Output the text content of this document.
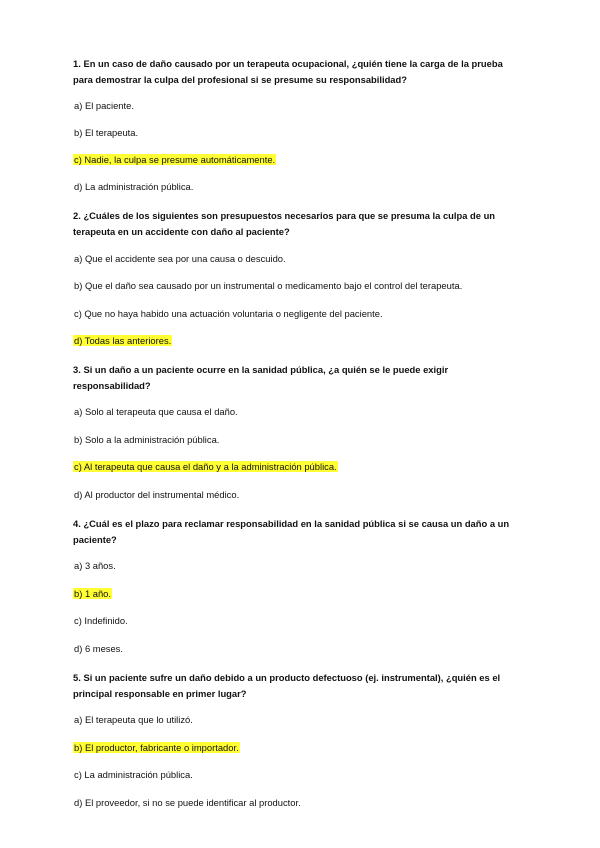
1. En un caso de daño causado por un terapeuta ocupacional, ¿quién tiene la carga de la prueba para demostrar la culpa del profesional si se presume su responsabilidad?

a) El paciente.

b) El terapeuta.

c) Nadie, la culpa se presume automáticamente.

d) La administración pública.

2. ¿Cuáles de los siguientes son presupuestos necesarios para que se presuma la culpa de un terapeuta en un accidente con daño al paciente?

a) Que el accidente sea por una causa o descuido.

b) Que el daño sea causado por un instrumental o medicamento bajo el control del terapeuta.

c) Que no haya habido una actuación voluntaria o negligente del paciente.

d) Todas las anteriores.

3. Si un daño a un paciente ocurre en la sanidad pública, ¿a quién se le puede exigir responsabilidad?

a) Solo al terapeuta que causa el daño.

b) Solo a la administración pública.

c) Al terapeuta que causa el daño y a la administración pública.

d) Al productor del instrumental médico.

4. ¿Cuál es el plazo para reclamar responsabilidad en la sanidad pública si se causa un daño a un paciente?

a) 3 años.

b) 1 año.

c) Indefinido.

d) 6 meses.

5. Si un paciente sufre un daño debido a un producto defectuoso (ej. instrumental), ¿quién es el principal responsable en primer lugar?

a) El terapeuta que lo utilizó.

b) El productor, fabricante o importador.

c) La administración pública.

d) El proveedor, si no se puede identificar al productor.
